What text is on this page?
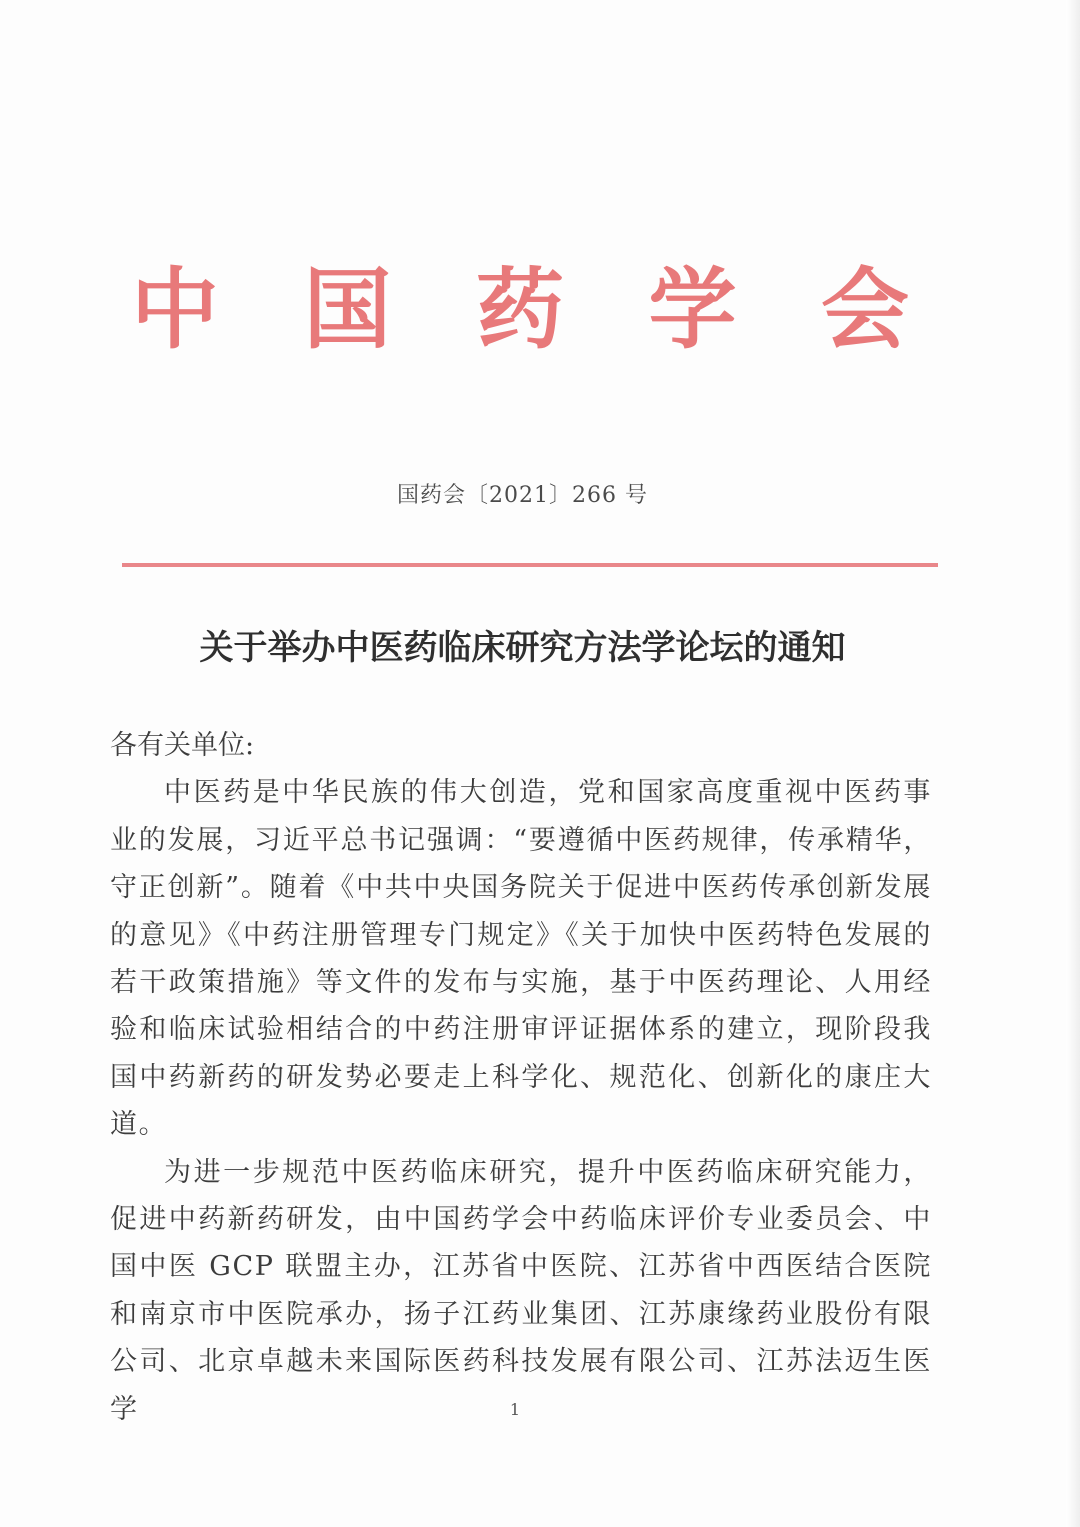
中 国 药 学 会
国药会〔2021〕266 号
关于举办中医药临床研究方法学论坛的通知

各有关单位:

中医药是中华民族的伟大创造，党和国家高度重视中医药事业的发展，习近平总书记强调：“要遵循中医药规律，传承精华，守正创新”。随着《中共中央国务院关于促进中医药传承创新发展的意见》《中药注册管理专门规定》《关于加快中医药特色发展的若干政策措施》等文件的发布与实施，基于中医药理论、人用经验和临床试验相结合的中药注册审评证据体系的建立，现阶段我国中药新药的研发势必要走上科学化、规范化、创新化的康庄大道。

为进一步规范中医药临床研究，提升中医药临床研究能力，促进中药新药研发，由中国药学会中药临床评价专业委员会、中国中医 GCP 联盟主办，江苏省中医院、江苏省中西医结合医院和南京市中医院承办，扬子江药业集团、江苏康缘药业股份有限公司、北京卓越未来国际医药科技发展有限公司、江苏法迈生医学	1
